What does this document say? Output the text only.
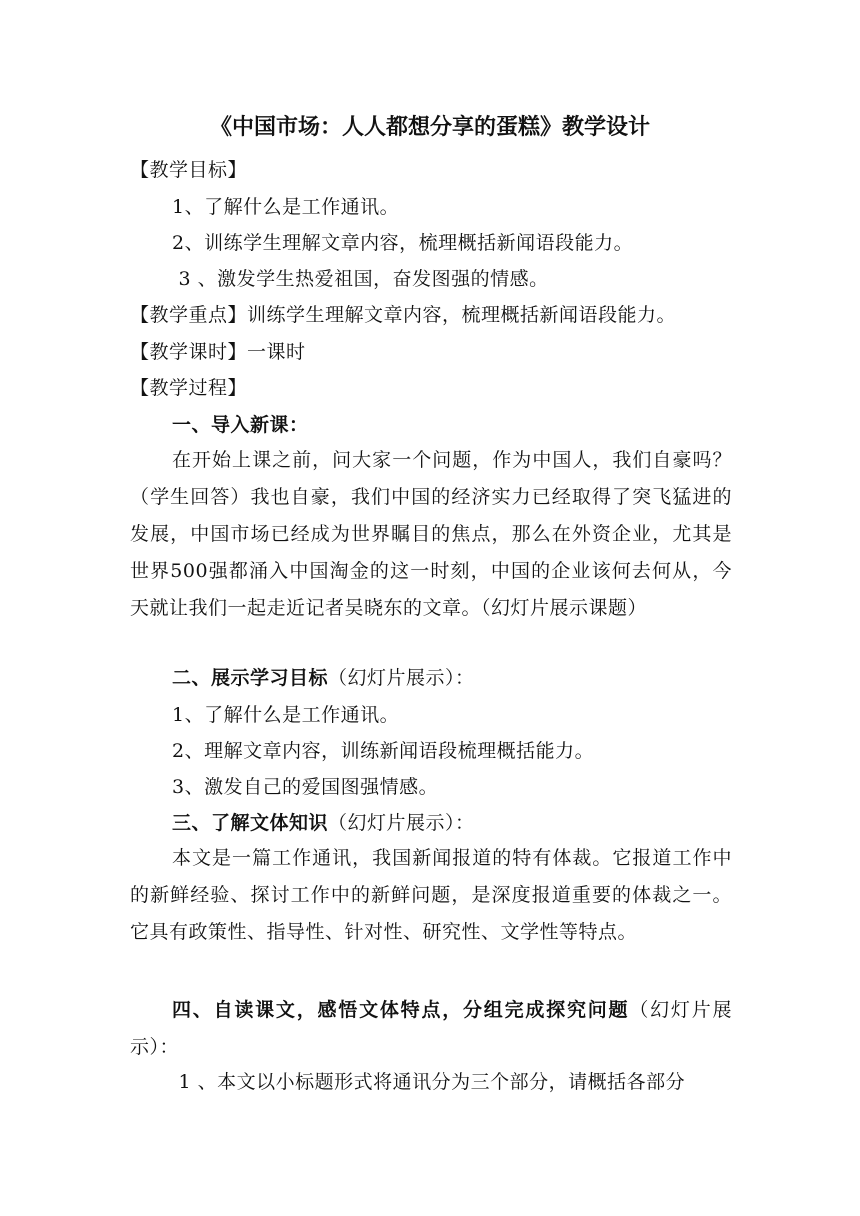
《中国市场：人人都想分享的蛋糕》教学设计
【教学目标】
1、了解什么是工作通讯。
2、训练学生理解文章内容，梳理概括新闻语段能力。
3 、激发学生热爱祖国，奋发图强的情感。
【教学重点】训练学生理解文章内容，梳理概括新闻语段能力。
【教学课时】一课时
【教学过程】
一、导入新课：

在开始上课之前，问大家一个问题，作为中国人，我们自豪吗？（学生回答）我也自豪，我们中国的经济实力已经取得了突飞猛进的发展，中国市场已经成为世界瞩目的焦点，那么在外资企业，尤其是世界500强都涌入中国淘金的这一时刻，中国的企业该何去何从，今天就让我们一起走近记者吴晓东的文章。（幻灯片展示课题）

二、展示学习目标（幻灯片展示）：
1、了解什么是工作通讯。
2、理解文章内容，训练新闻语段梳理概括能力。
3、激发自己的爱国图强情感。
三、了解文体知识（幻灯片展示）：

本文是一篇工作通讯，我国新闻报道的特有体裁。它报道工作中的新鲜经验、探讨工作中的新鲜问题，是深度报道重要的体裁之一。它具有政策性、指导性、针对性、研究性、文学性等特点。

四、自读课文，感悟文体特点，分组完成探究问题（幻灯片展示）：

1 、本文以小标题形式将通讯分为三个部分，请概括各部分
